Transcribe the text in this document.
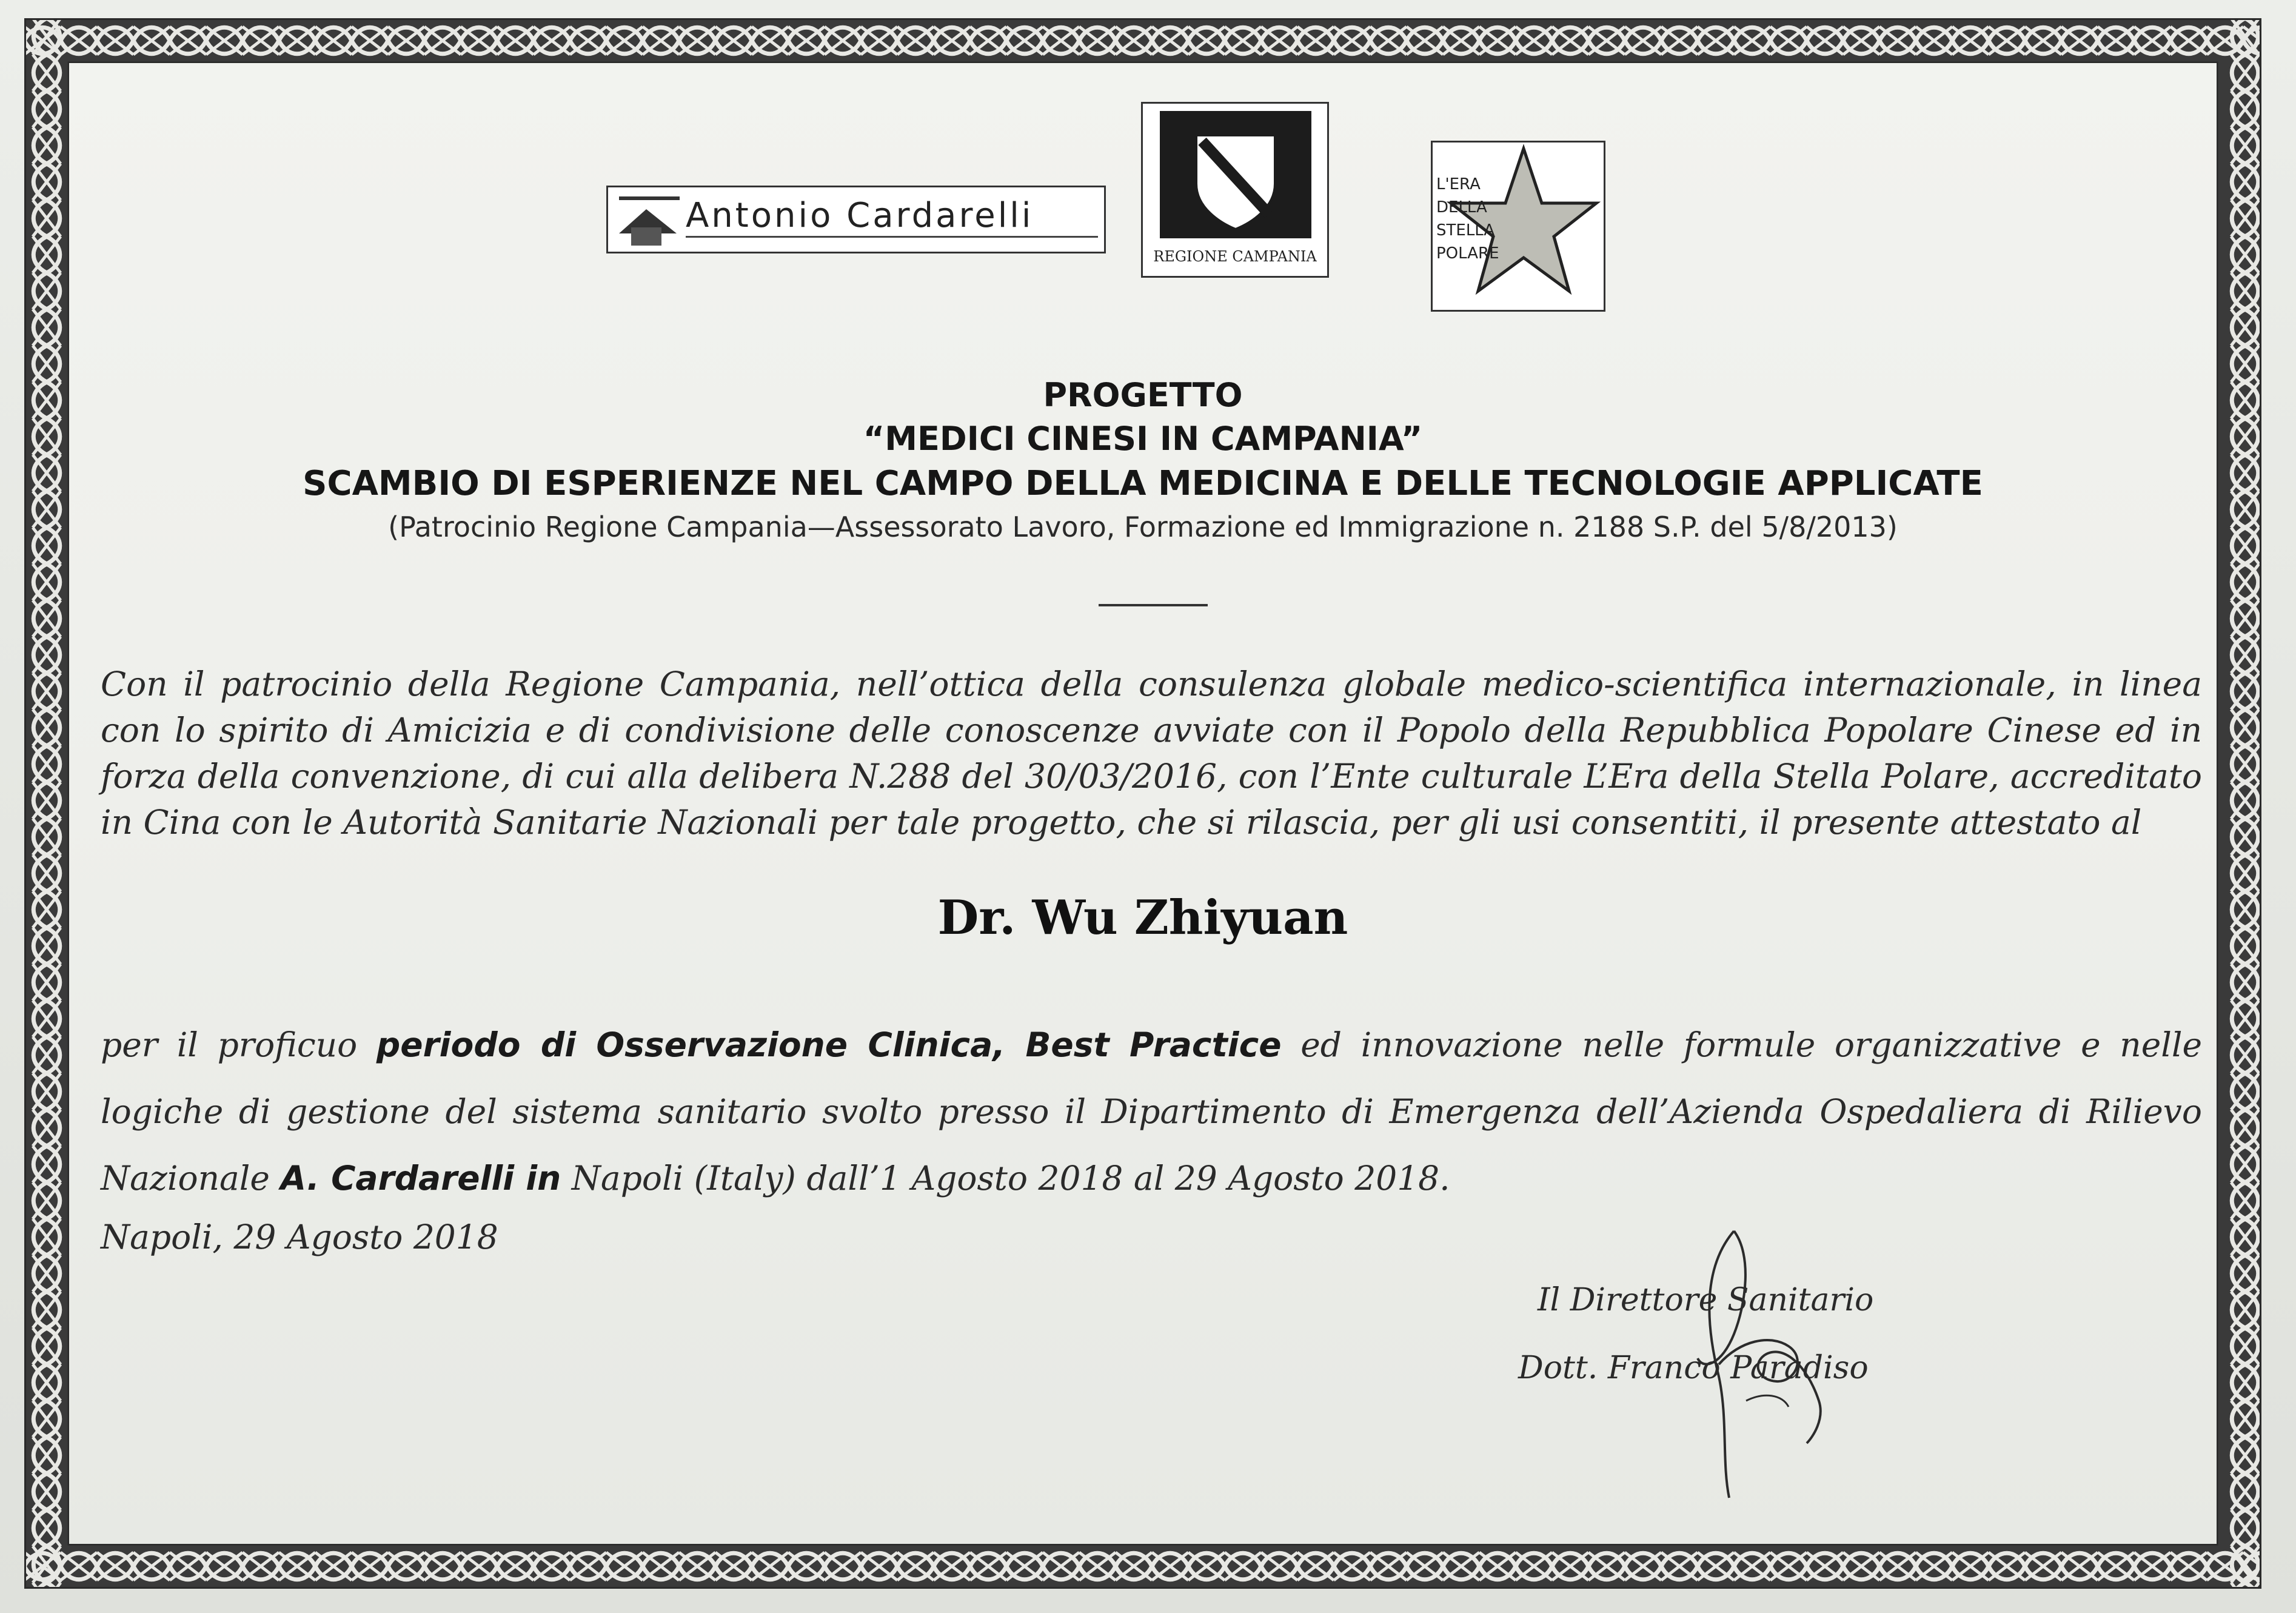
Antonio Cardarelli
REGIONE CAMPANIA
L'ERA
DELLA
STELLA
POLARE
PROGETTO
“MEDICI CINESI IN CAMPANIA”
SCAMBIO DI ESPERIENZE NEL CAMPO DELLA MEDICINA E DELLE TECNOLOGIE APPLICATE
(Patrocinio Regione Campania—Assessorato Lavoro, Formazione ed Immigrazione n. 2188 S.P. del 5/8/2013)
Con il patrocinio della Regione Campania, nell’ottica della consulenza globale medico-scientifica internazionale, in linea con lo spirito di Amicizia e di condivisione delle conoscenze avviate con il Popolo della Repubblica Popolare Cinese ed in forza della convenzione, di cui alla delibera N.288 del 30/03/2016, con l’Ente culturale L’Era della Stella Polare, accreditato in Cina con le Autorità Sanitarie Nazionali per tale progetto, che si rilascia, per gli usi consentiti, il presente attestato al
Dr. Wu Zhiyuan
per il proficuo periodo di Osservazione Clinica, Best Practice ed innovazione nelle formule organizzative e nelle logiche di gestione del sistema sanitario svolto presso il Dipartimento di Emergenza dell’Azienda Ospedaliera di Rilievo Nazionale A. Cardarelli in Napoli (Italy) dall’1 Agosto 2018 al 29 Agosto 2018.
Napoli, 29 Agosto 2018
Il Direttore Sanitario
Dott. Franco Paradiso
